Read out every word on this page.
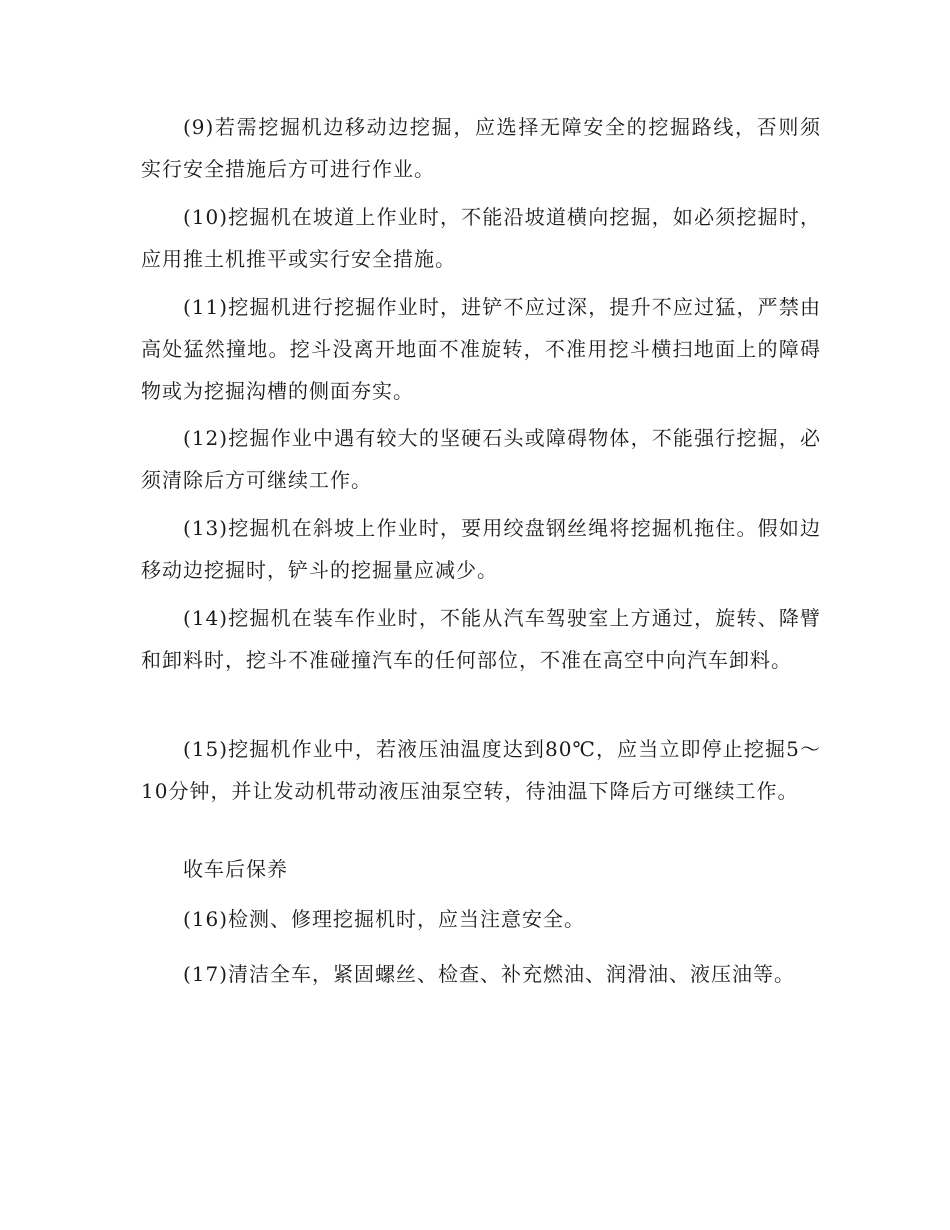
(9)若需挖掘机边移动边挖掘，应选择无障安全的挖掘路线，否则须实行安全措施后方可进行作业。

(10)挖掘机在坡道上作业时，不能沿坡道横向挖掘，如必须挖掘时，应用推土机推平或实行安全措施。

(11)挖掘机进行挖掘作业时，进铲不应过深，提升不应过猛，严禁由高处猛然撞地。挖斗没离开地面不准旋转，不准用挖斗横扫地面上的障碍物或为挖掘沟槽的侧面夯实。

(12)挖掘作业中遇有较大的坚硬石头或障碍物体，不能强行挖掘，必须清除后方可继续工作。

(13)挖掘机在斜坡上作业时，要用绞盘钢丝绳将挖掘机拖住。假如边移动边挖掘时，铲斗的挖掘量应减少。

(14)挖掘机在装车作业时，不能从汽车驾驶室上方通过，旋转、降臂和卸料时，挖斗不准碰撞汽车的任何部位，不准在高空中向汽车卸料。

(15)挖掘机作业中，若液压油温度达到80℃，应当立即停止挖掘5～10分钟，并让发动机带动液压油泵空转，待油温下降后方可继续工作。

收车后保养

(16)检测、修理挖掘机时，应当注意安全。

(17)清洁全车，紧固螺丝、检查、补充燃油、润滑油、液压油等。
